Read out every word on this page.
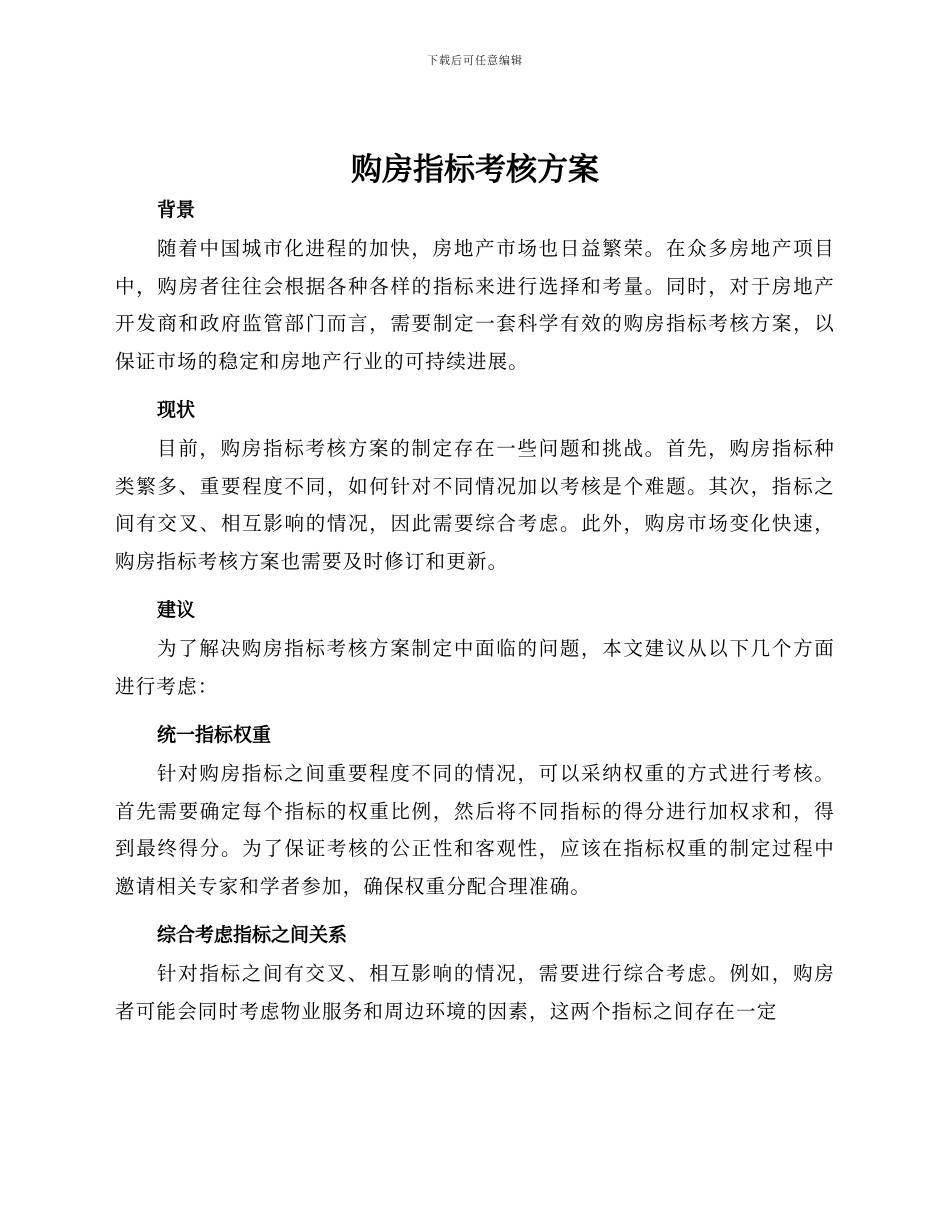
下载后可任意编辑
购房指标考核方案
背景

随着中国城市化进程的加快，房地产市场也日益繁荣。在众多房地产项目中，购房者往往会根据各种各样的指标来进行选择和考量。同时，对于房地产开发商和政府监管部门而言，需要制定一套科学有效的购房指标考核方案，以保证市场的稳定和房地产行业的可持续进展。

现状

目前，购房指标考核方案的制定存在一些问题和挑战。首先，购房指标种类繁多、重要程度不同，如何针对不同情况加以考核是个难题。其次，指标之间有交叉、相互影响的情况，因此需要综合考虑。此外，购房市场变化快速，购房指标考核方案也需要及时修订和更新。

建议

为了解决购房指标考核方案制定中面临的问题，本文建议从以下几个方面进行考虑：

统一指标权重

针对购房指标之间重要程度不同的情况，可以采纳权重的方式进行考核。首先需要确定每个指标的权重比例，然后将不同指标的得分进行加权求和，得到最终得分。为了保证考核的公正性和客观性，应该在指标权重的制定过程中邀请相关专家和学者参加，确保权重分配合理准确。

综合考虑指标之间关系

针对指标之间有交叉、相互影响的情况，需要进行综合考虑。例如，购房者可能会同时考虑物业服务和周边环境的因素，这两个指标之间存在一定
